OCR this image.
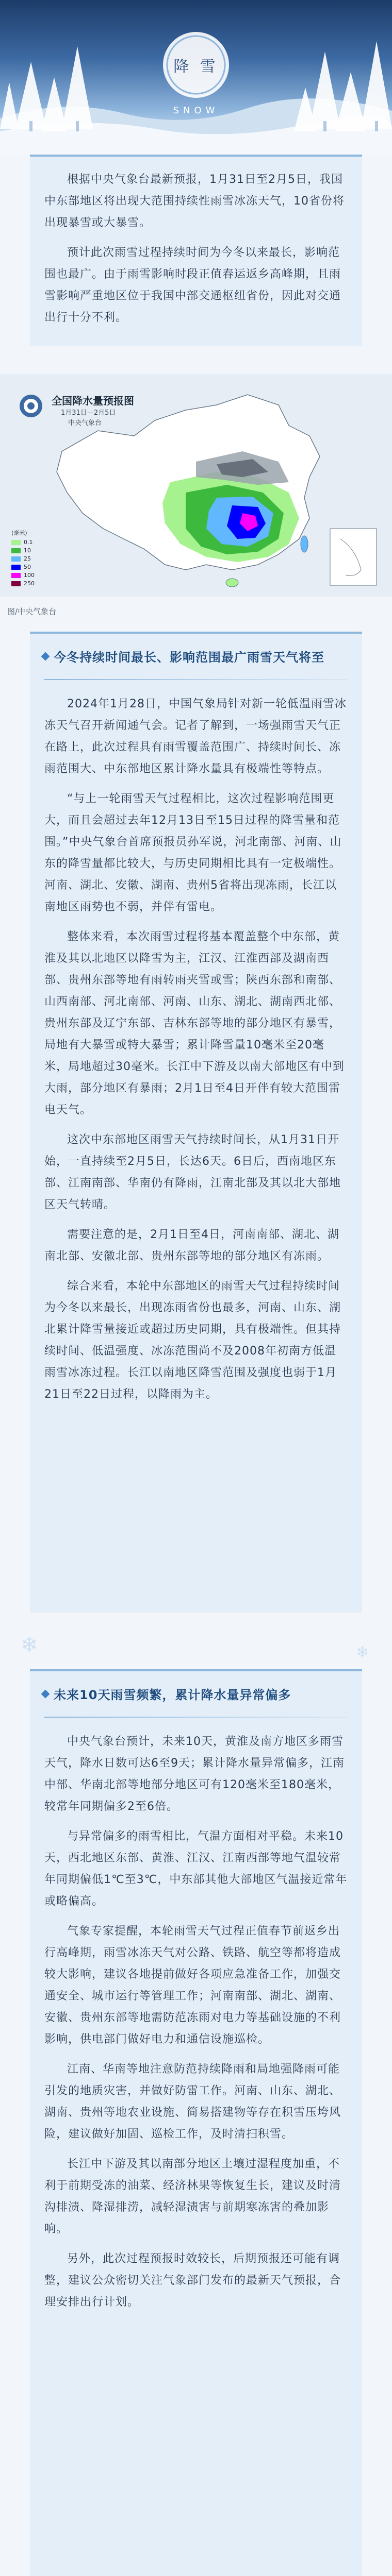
降 雪
SNOW

根据中央气象台最新预报，1月31日至2月5日，我国中东部地区将出现大范围持续性雨雪冰冻天气，10省份将出现暴雪或大暴雪。

预计此次雨雪过程持续时间为今冬以来最长，影响范围也最广。由于雨雪影响时段正值春运返乡高峰期，且雨雪影响严重地区位于我国中部交通枢纽省份，因此对交通出行十分不利。

全国降水量预报图
1月31日—2月5日
中央气象台
(毫米)
0.1
10
25
50
100
250
图/中央气象台
今冬持续时间最长、影响范围最广雨雪天气将至

2024年1月28日，中国气象局针对新一轮低温雨雪冰冻天气召开新闻通气会。记者了解到，一场强雨雪天气正在路上，此次过程具有雨雪覆盖范围广、持续时间长、冻雨范围大、中东部地区累计降水量具有极端性等特点。

“与上一轮雨雪天气过程相比，这次过程影响范围更大，而且会超过去年12月13日至15日过程的降雪量和范围。”中央气象台首席预报员孙军说，河北南部、河南、山东的降雪量都比较大，与历史同期相比具有一定极端性。河南、湖北、安徽、湖南、贵州5省将出现冻雨，长江以南地区雨势也不弱，并伴有雷电。

整体来看，本次雨雪过程将基本覆盖整个中东部，黄淮及其以北地区以降雪为主，江汉、江淮西部及湖南西部、贵州东部等地有雨转雨夹雪或雪；陕西东部和南部、山西南部、河北南部、河南、山东、湖北、湖南西北部、贵州东部及辽宁东部、吉林东部等地的部分地区有暴雪，局地有大暴雪或特大暴雪；累计降雪量10毫米至20毫米，局地超过30毫米。长江中下游及以南大部地区有中到大雨，部分地区有暴雨；2月1日至4日开伴有较大范围雷电天气。

这次中东部地区雨雪天气持续时间长，从1月31日开始，一直持续至2月5日，长达6天。6日后，西南地区东部、江南南部、华南仍有降雨，江南北部及其以北大部地区天气转晴。

需要注意的是，2月1日至4日，河南南部、湖北、湖南北部、安徽北部、贵州东部等地的部分地区有冻雨。

综合来看，本轮中东部地区的雨雪天气过程持续时间为今冬以来最长，出现冻雨省份也最多，河南、山东、湖北累计降雪量接近或超过历史同期，具有极端性。但其持续时间、低温强度、冰冻范围尚不及2008年初南方低温雨雪冰冻过程。长江以南地区降雪范围及强度也弱于1月21日至22日过程，以降雨为主。

❄	❄
未来10天雨雪频繁，累计降水量异常偏多

中央气象台预计，未来10天，黄淮及南方地区多雨雪天气，降水日数可达6至9天；累计降水量异常偏多，江南中部、华南北部等地部分地区可有120毫米至180毫米，较常年同期偏多2至6倍。

与异常偏多的雨雪相比，气温方面相对平稳。未来10天，西北地区东部、黄淮、江汉、江南西部等地气温较常年同期偏低1℃至3℃，中东部其他大部地区气温接近常年或略偏高。

气象专家提醒，本轮雨雪天气过程正值春节前返乡出行高峰期，雨雪冰冻天气对公路、铁路、航空等都将造成较大影响，建议各地提前做好各项应急准备工作，加强交通安全、城市运行等管理工作；河南南部、湖北、湖南、安徽、贵州东部等地需防范冻雨对电力等基础设施的不利影响，供电部门做好电力和通信设施巡检。

江南、华南等地注意防范持续降雨和局地强降雨可能引发的地质灾害，并做好防雷工作。河南、山东、湖北、湖南、贵州等地农业设施、简易搭建物等存在积雪压垮风险，建议做好加固、巡检工作，及时清扫积雪。

长江中下游及其以南部分地区土壤过湿程度加重，不利于前期受冻的油菜、经济林果等恢复生长，建议及时清沟排渍、降湿排涝，减轻湿渍害与前期寒冻害的叠加影响。

另外，此次过程预报时效较长，后期预报还可能有调整，建议公众密切关注气象部门发布的最新天气预报，合理安排出行计划。
